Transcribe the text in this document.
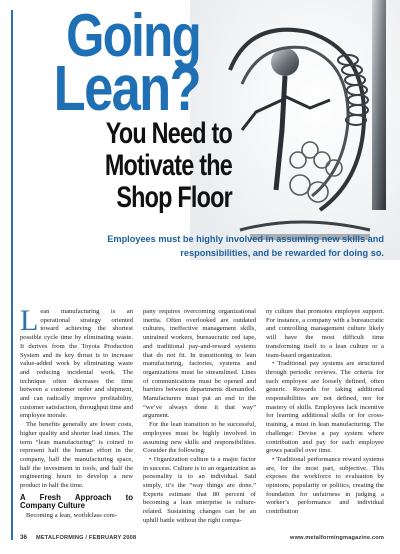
Going
Lean?
You Need to
Motivate the
Shop Floor
Employees must be highly involved in assuming new skills and responsibilities, and be rewarded for doing so.

Lean manufacturing is an operational strategy oriented toward achieving the shortest possible cycle time by eliminating waste. It derives from the Toyota Production System and its key thrust is to increase value-added work by eliminating waste and reducing incidental work. The technique often decreases the time between a customer order and shipment, and can radically improve profitability, customer satisfaction, throughput time and employee morale.

The benefits generally are lower costs, higher quality and shorter lead times. The term “lean manufacturing” is coined to represent half the human effort in the company, half the manufacturing space, half the investment in tools, and half the engineering hours to develop a new product in half the time.

A Fresh Approach to Company Culture

Becoming a lean, worldclass com-

pany requires overcoming organizational inertia. Often overlooked are outdated cultures, ineffective management skills, untrained workers, bureaucratic red tape, and traditional pay-and-reward systems that do not fit. In transitioning to lean manufacturing, factories, systems and organizations must be streamlined. Lines of communications must be opened and barriers between departments dismantled. Manufacturers must put an end to the “we’ve always done it that way” argument.

For the lean transition to be successful, employees must be highly involved in assuming new skills and responsibilities. Consider the following:

• Organization culture is a major factor in success. Culture is to an organization as personality is to an individual. Said simply, it’s the “way things are done.” Experts estimate that 80 percent of becoming a lean enterprise is culture-related. Sustaining changes can be an uphill battle without the right compa-

ny culture that promotes employee support. For instance, a company with a bureaucratic and controlling management culture likely will have the most difficult time transforming itself to a lean culture or a team-based organization.

• Traditional pay systems are structured through periodic reviews. The criteria for each employee are loosely defined, often generic. Rewards for taking additional responsibilities are not defined, nor for mastery of skills. Employees lack incentive for learning additional skills or for cross-training, a must in lean manufacturing. The challenge: Devise a pay system where contribution and pay for each employee grows parallel over time.

• Traditional performance reward systems are, for the most part, subjective. This exposes the workforce to evaluation by opinions, popularity or politics, creating the foundation for unfairness in judging a worker’s performance and individual contribution

36 METALFORMING / FEBRUARY 2008	www.metalformingmagazine.com
